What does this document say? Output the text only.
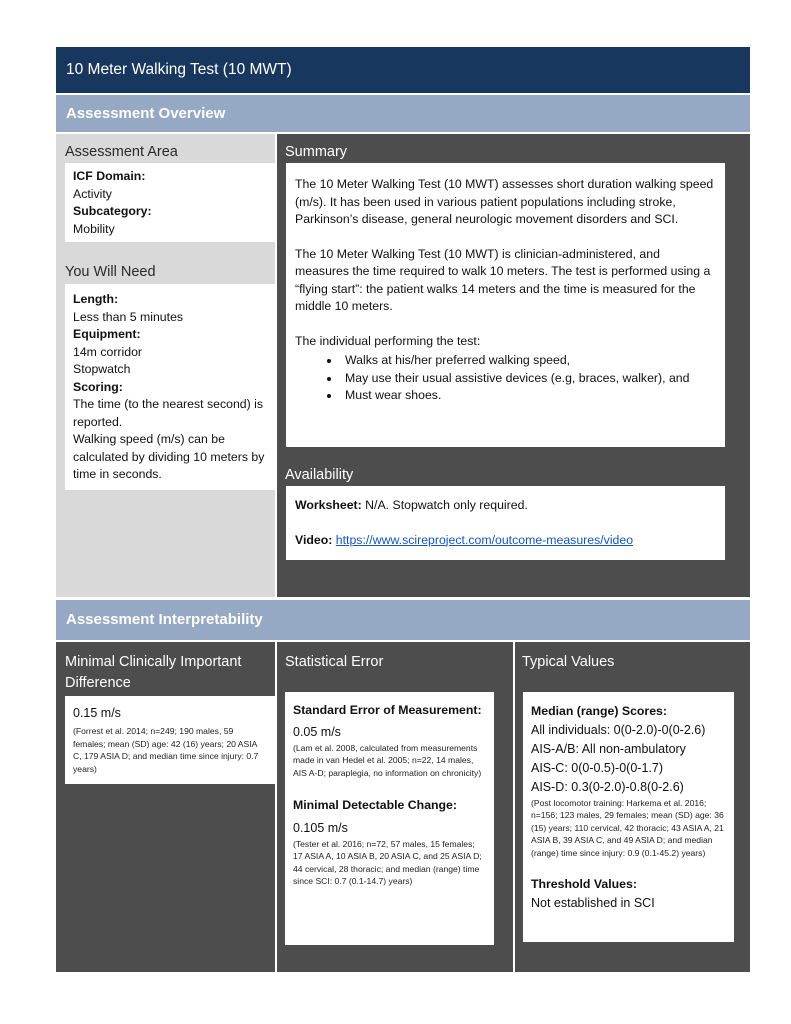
10 Meter Walking Test (10 MWT)
Assessment Overview
Assessment Area

ICF Domain:

Activity

Subcategory:

Mobility

You Will Need

Length:

Less than 5 minutes

Equipment:

14m corridor

Stopwatch

Scoring:

The time (to the nearest second) is reported.

Walking speed (m/s) can be calculated by dividing 10 meters by time in seconds.

Summary

The 10 Meter Walking Test (10 MWT) assesses short duration walking speed (m/s). It has been used in various patient populations including stroke, Parkinson’s disease, general neurologic movement disorders and SCI.

The 10 Meter Walking Test (10 MWT) is clinician-administered, and measures the time required to walk 10 meters. The test is performed using a “flying start”: the patient walks 14 meters and the time is measured for the middle 10 meters.

The individual performing the test:

• Walks at his/her preferred walking speed,
• May use their usual assistive devices (e.g, braces, walker), and
• Must wear shoes.
Availability

Worksheet: N/A. Stopwatch only required.

Video: https://www.scireproject.com/outcome-measures/video

Assessment Interpretability
Minimal Clinically Important Difference

0.15 m/s

(Forrest et al. 2014; n=249; 190 males, 59 females; mean (SD) age: 42 (16) years; 20 ASIA C, 179 ASIA D; and median time since injury: 0.7 years)

Statistical Error

Standard Error of Measurement:

0.05 m/s

(Lam et al. 2008, calculated from measurements made in van Hedel et al. 2005; n=22, 14 males, AIS A-D; paraplegia, no information on chronicity)

Minimal Detectable Change:

0.105 m/s

(Tester et al. 2016; n=72, 57 males, 15 females; 17 ASIA A, 10 ASIA B, 20 ASIA C, and 25 ASIA D; 44 cervical, 28 thoracic; and median (range) time since SCI: 0.7 (0.1-14.7) years)

Typical Values

Median (range) Scores:

All individuals: 0(0-2.0)-0(0-2.6)

AIS-A/B: All non-ambulatory

AIS-C: 0(0-0.5)-0(0-1.7)

AIS-D: 0.3(0-2.0)-0.8(0-2.6)

(Post locomotor training: Harkema et al. 2016; n=156; 123 males, 29 females; mean (SD) age: 36 (15) years; 110 cervical, 42 thoracic; 43 ASIA A, 21 ASIA B, 39 ASIA C, and 49 ASIA D; and median (range) time since injury: 0.9 (0.1-45.2) years)

Threshold Values:

Not established in SCI
